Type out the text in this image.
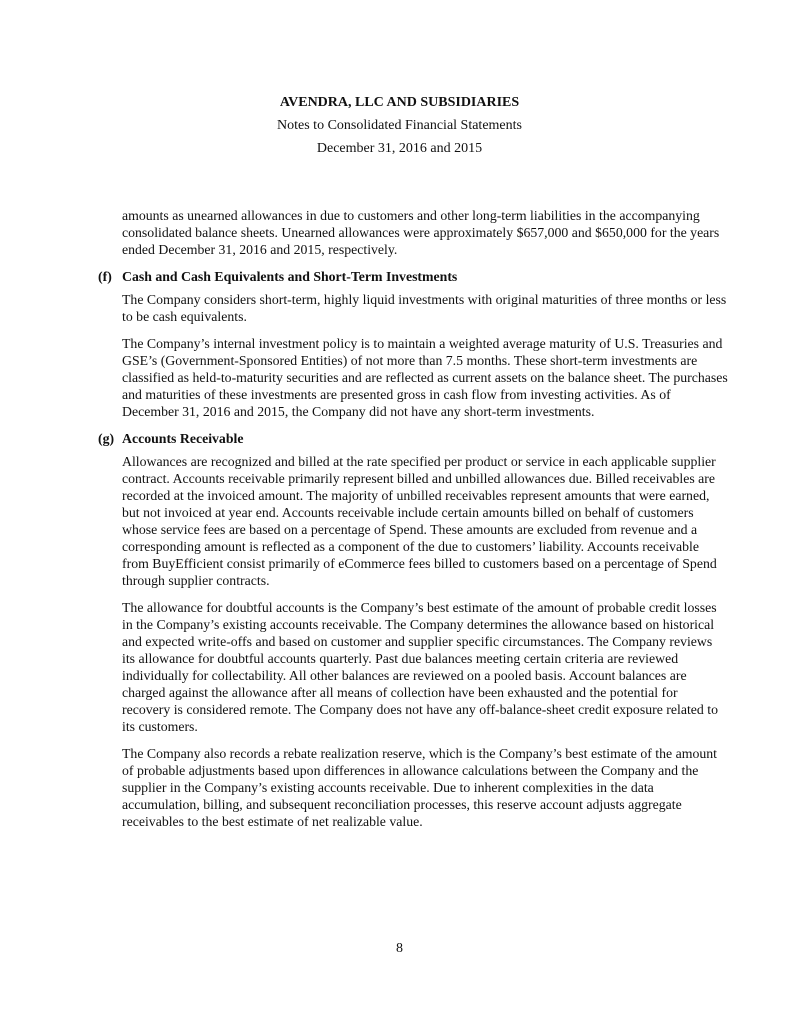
AVENDRA, LLC AND SUBSIDIARIES

Notes to Consolidated Financial Statements

December 31, 2016 and 2015

amounts as unearned allowances in due to customers and other long-term liabilities in the accompanying consolidated balance sheets. Unearned allowances were approximately $657,000 and $650,000 for the years ended December 31, 2016 and 2015, respectively.

(f) Cash and Cash Equivalents and Short-Term Investments

The Company considers short-term, highly liquid investments with original maturities of three months or less to be cash equivalents.

The Company’s internal investment policy is to maintain a weighted average maturity of U.S. Treasuries and GSE’s (Government-Sponsored Entities) of not more than 7.5 months. These short-term investments are classified as held-to-maturity securities and are reflected as current assets on the balance sheet. The purchases and maturities of these investments are presented gross in cash flow from investing activities. As of December 31, 2016 and 2015, the Company did not have any short-term investments.

(g) Accounts Receivable

Allowances are recognized and billed at the rate specified per product or service in each applicable supplier contract. Accounts receivable primarily represent billed and unbilled allowances due. Billed receivables are recorded at the invoiced amount. The majority of unbilled receivables represent amounts that were earned, but not invoiced at year end. Accounts receivable include certain amounts billed on behalf of customers whose service fees are based on a percentage of Spend. These amounts are excluded from revenue and a corresponding amount is reflected as a component of the due to customers’ liability. Accounts receivable from BuyEfficient consist primarily of eCommerce fees billed to customers based on a percentage of Spend through supplier contracts.

The allowance for doubtful accounts is the Company’s best estimate of the amount of probable credit losses in the Company’s existing accounts receivable. The Company determines the allowance based on historical and expected write-offs and based on customer and supplier specific circumstances. The Company reviews its allowance for doubtful accounts quarterly. Past due balances meeting certain criteria are reviewed individually for collectability. All other balances are reviewed on a pooled basis. Account balances are charged against the allowance after all means of collection have been exhausted and the potential for recovery is considered remote. The Company does not have any off-balance-sheet credit exposure related to its customers.

The Company also records a rebate realization reserve, which is the Company’s best estimate of the amount of probable adjustments based upon differences in allowance calculations between the Company and the supplier in the Company’s existing accounts receivable. Due to inherent complexities in the data accumulation, billing, and subsequent reconciliation processes, this reserve account adjusts aggregate receivables to the best estimate of net realizable value.

8
